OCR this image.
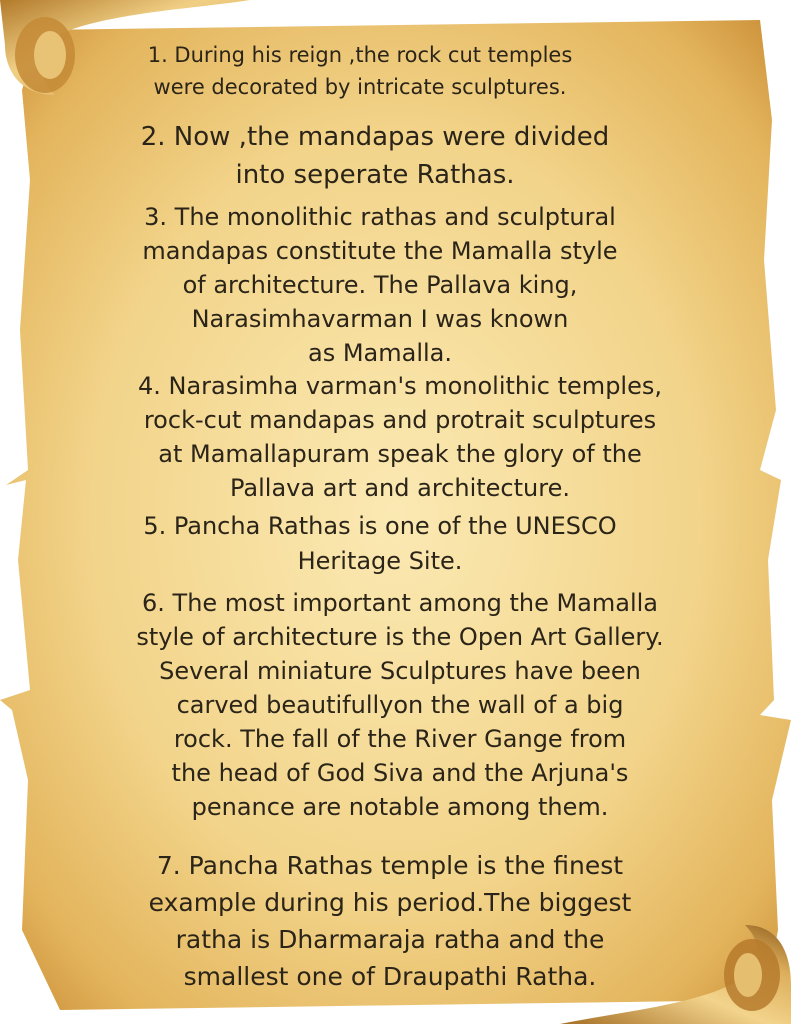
1. During his reign ,the rock cut temples
were decorated by intricate sculptures.
2. Now ,the mandapas were divided
into seperate Rathas.
3. The monolithic rathas and sculptural
mandapas constitute the Mamalla style
of architecture. The Pallava king,
Narasimhavarman I was known
as Mamalla.
4. Narasimha varman's monolithic temples,
rock-cut mandapas and protrait sculptures
at Mamallapuram speak the glory of the
Pallava art and architecture.
5. Pancha Rathas is one of the UNESCO
Heritage Site.
6. The most important among the Mamalla
style of architecture is the Open Art Gallery.
Several miniature Sculptures have been
carved beautifullyon the wall of a big
rock. The fall of the River Gange from
the head of God Siva and the Arjuna's
penance are notable among them.
7. Pancha Rathas temple is the finest
example during his period.The biggest
ratha is Dharmaraja ratha and the
smallest one of Draupathi Ratha.
